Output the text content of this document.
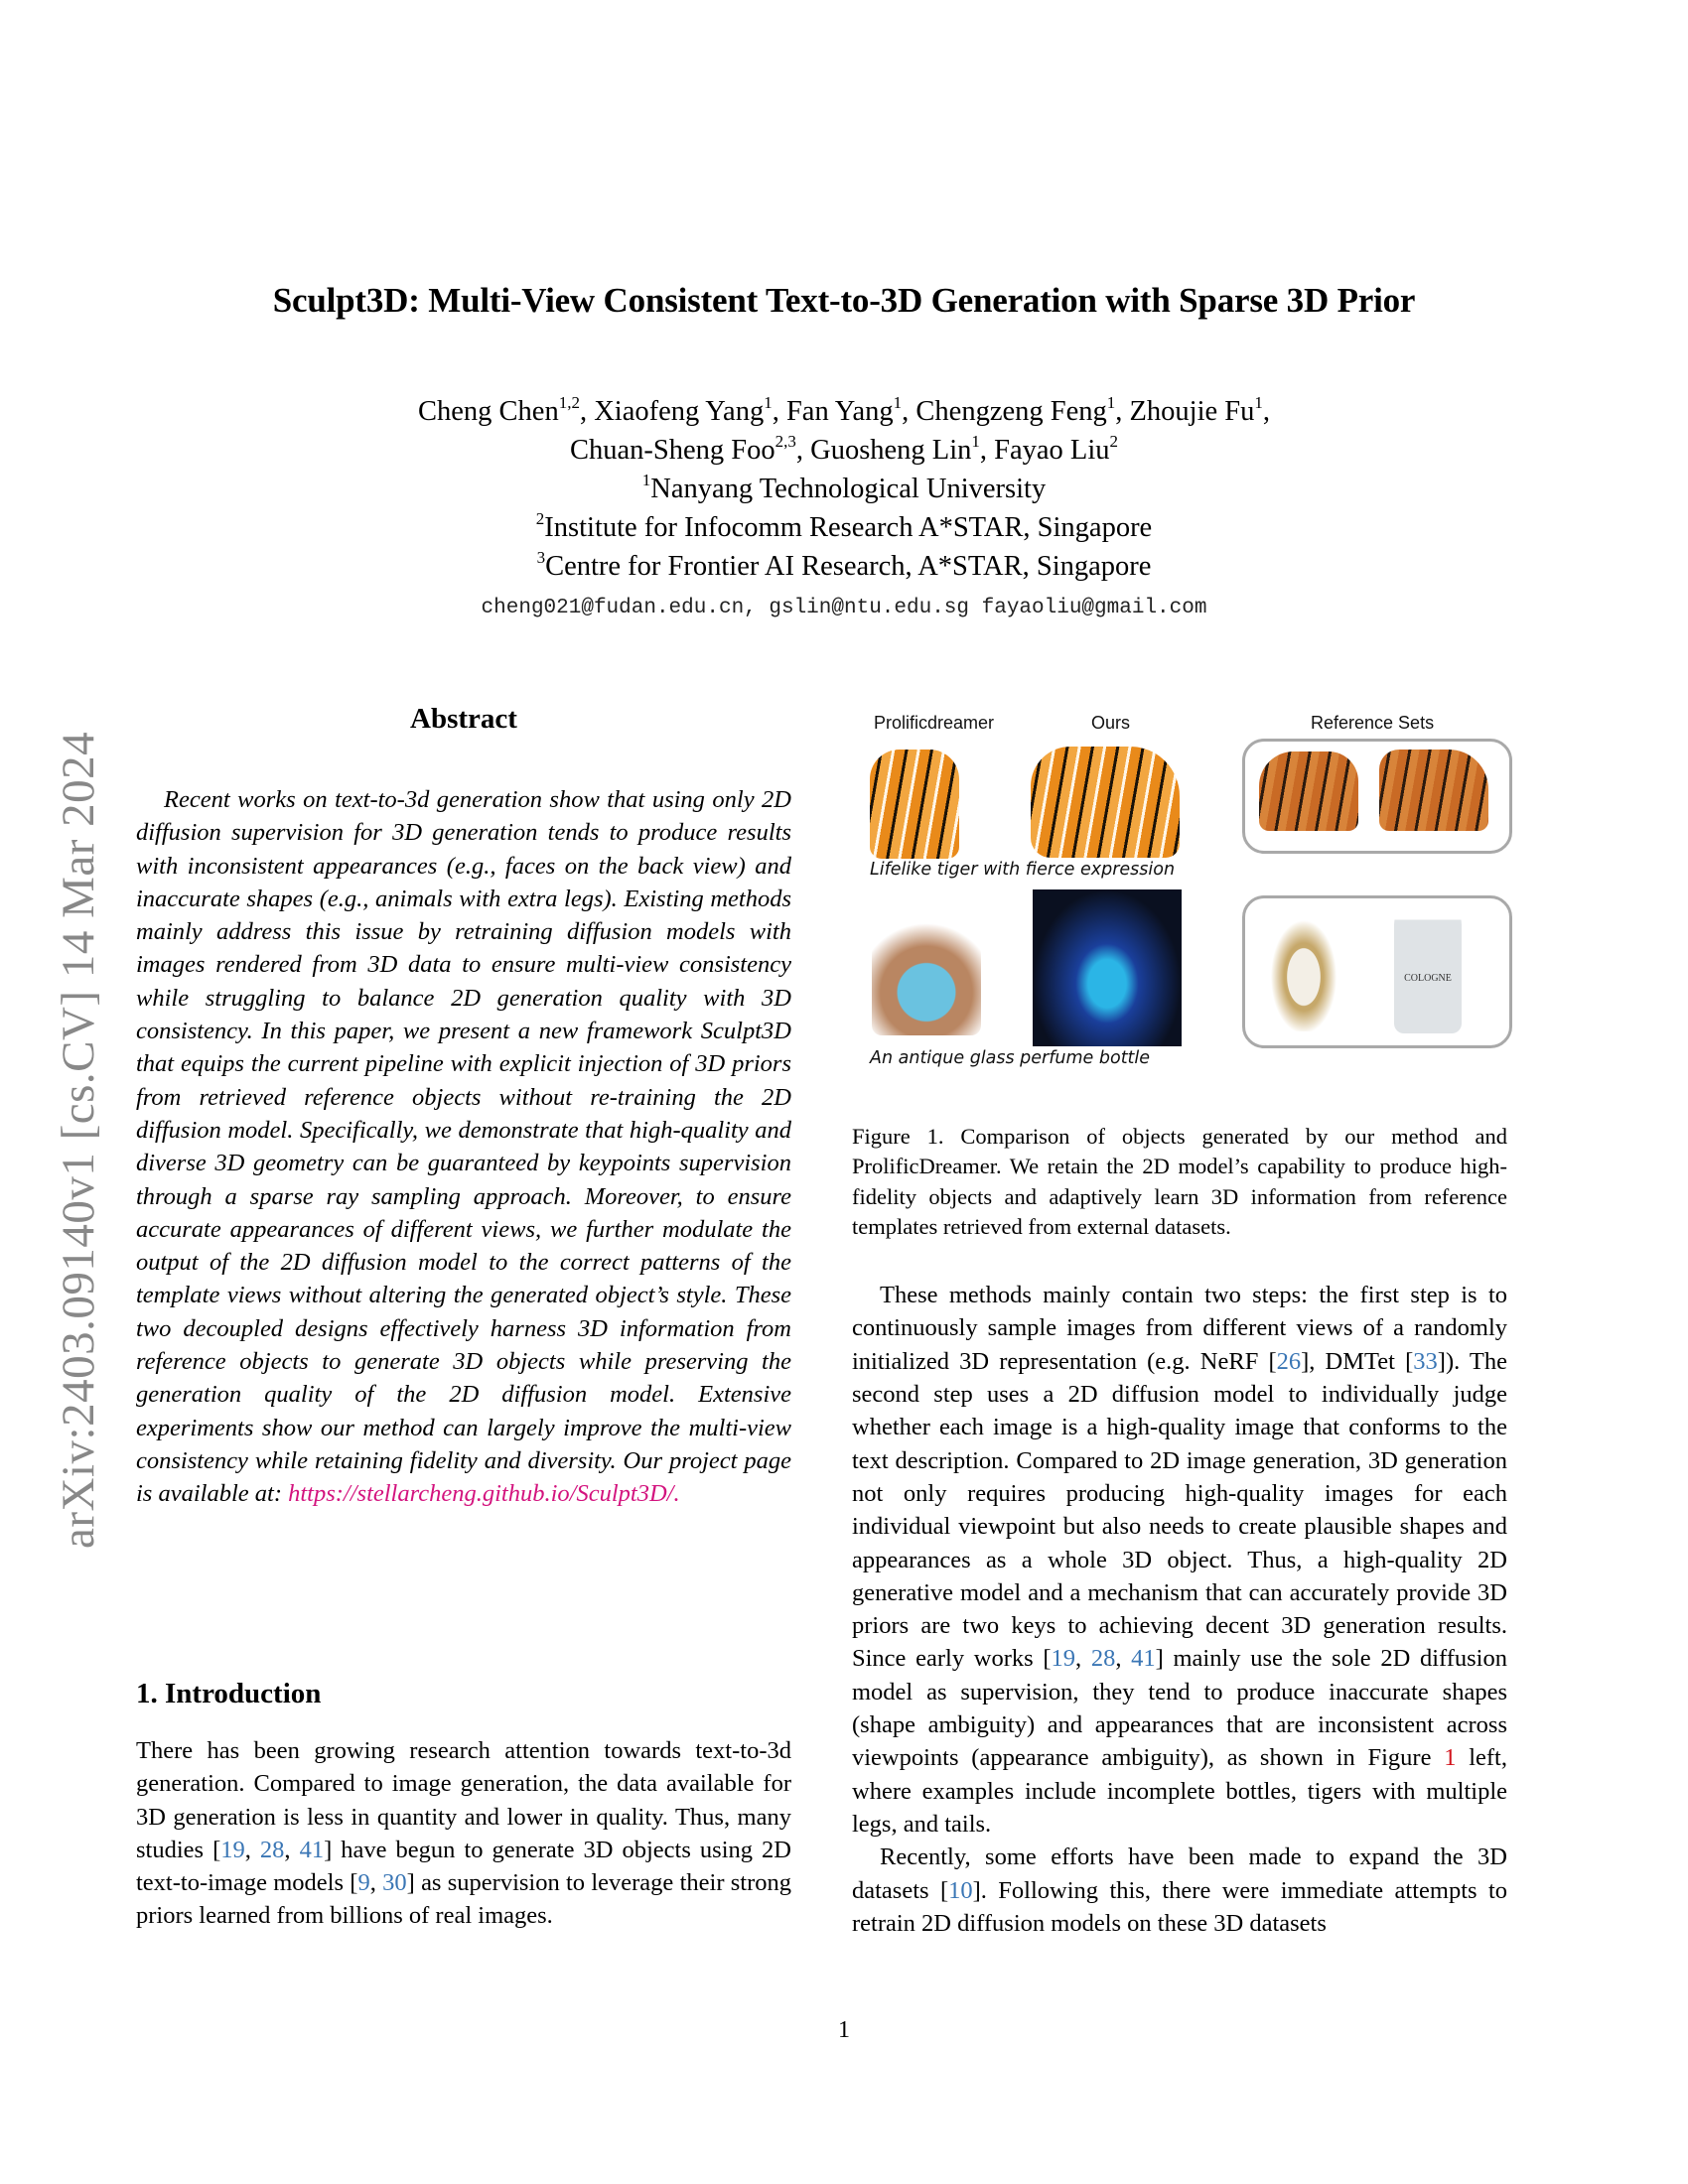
Sculpt3D: Multi-View Consistent Text-to-3D Generation with Sparse 3D Prior
Cheng Chen$^{1,2}$, Xiaofeng Yang$^1$, Fan Yang$^1$, Chengzeng Feng$^1$, Zhoujie Fu$^1$,
Chuan-Sheng Foo$^{2,3}$, Guosheng Lin$^1$, Fayao Liu$^2$
$^1$Nanyang Technological University
$^2$Institute for Infocomm Research A*STAR, Singapore
$^3$Centre for Frontier AI Research, A*STAR, Singapore
cheng021@fudan.edu.cn, gslin@ntu.edu.sg fayaoliu@gmail.com
arXiv:2403.09140v1 [cs.CV] 14 Mar 2024
Abstract

Recent works on text-to-3d generation show that using only 2D diffusion supervision for 3D generation tends to produce results with inconsistent appearances (e.g., faces on the back view) and inaccurate shapes (e.g., animals with extra legs). Existing methods mainly address this issue by retraining diffusion models with images rendered from 3D data to ensure multi-view consistency while struggling to balance 2D generation quality with 3D consistency. In this paper, we present a new framework Sculpt3D that equips the current pipeline with explicit injection of 3D priors from retrieved reference objects without re-training the 2D diffusion model. Specifically, we demonstrate that high-quality and diverse 3D geometry can be guaranteed by keypoints supervision through a sparse ray sampling approach. Moreover, to ensure accurate appearances of different views, we further modulate the output of the 2D diffusion model to the correct patterns of the template views without altering the generated object’s style. These two decoupled designs effectively harness 3D information from reference objects to generate 3D objects while preserving the generation quality of the 2D diffusion model. Extensive experiments show our method can largely improve the multi-view consistency while retaining fidelity and diversity. Our project page is available at: https://stellarcheng.github.io/Sculpt3D/.

1. Introduction

There has been growing research attention towards text-to-3d generation. Compared to image generation, the data available for 3D generation is less in quantity and lower in quality. Thus, many studies [19, 28, 41] have begun to generate 3D objects using 2D text-to-image models [9, 30] as supervision to leverage their strong priors learned from billions of real images.

Prolificdreamer	Ours	Reference Sets
Lifelike tiger with fierce expression
COLOGNE
An antique glass perfume bottle

Figure 1. Comparison of objects generated by our method and ProlificDreamer. We retain the 2D model’s capability to produce high-fidelity objects and adaptively learn 3D information from reference templates retrieved from external datasets.

These methods mainly contain two steps: the first step is to continuously sample images from different views of a randomly initialized 3D representation (e.g. NeRF [26], DMTet [33]). The second step uses a 2D diffusion model to individually judge whether each image is a high-quality image that conforms to the text description. Compared to 2D image generation, 3D generation not only requires producing high-quality images for each individual viewpoint but also needs to create plausible shapes and appearances as a whole 3D object. Thus, a high-quality 2D generative model and a mechanism that can accurately provide 3D priors are two keys to achieving decent 3D generation results. Since early works [19, 28, 41] mainly use the sole 2D diffusion model as supervision, they tend to produce inaccurate shapes (shape ambiguity) and appearances that are inconsistent across viewpoints (appearance ambiguity), as shown in Figure 1 left, where examples include incomplete bottles, tigers with multiple legs, and tails.

Recently, some efforts have been made to expand the 3D datasets [10]. Following this, there were immediate attempts to retrain 2D diffusion models on these 3D datasets

1
